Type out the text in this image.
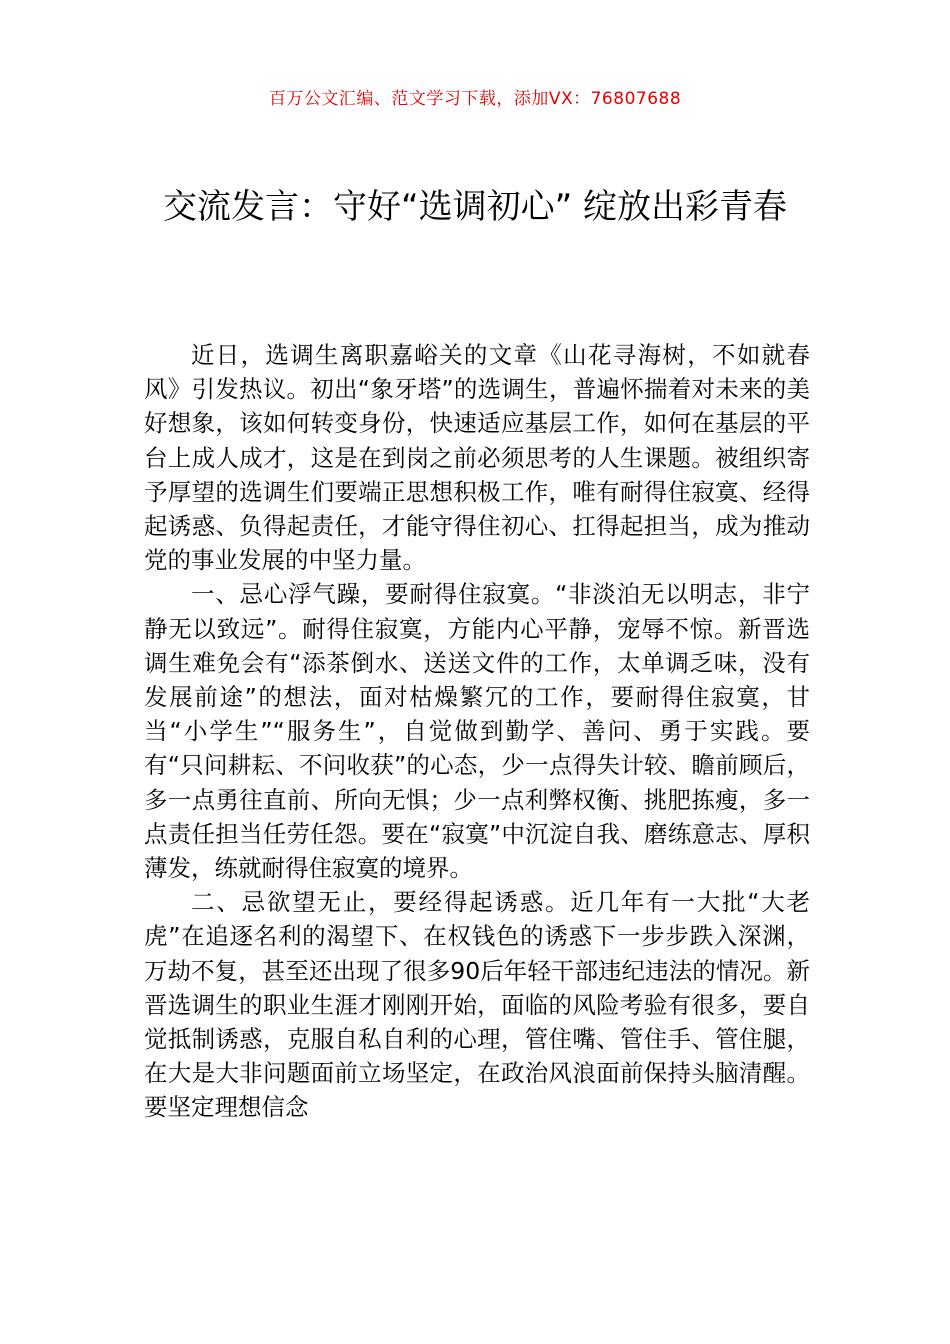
百万公文汇编、范文学习下载，添加VX：76807688
交流发言：守好“选调初心” 绽放出彩青春

近日，选调生离职嘉峪关的文章《山花寻海树，不如就春风》引发热议。初出“象牙塔”的选调生，普遍怀揣着对未来的美好想象，该如何转变身份，快速适应基层工作，如何在基层的平台上成人成才，这是在到岗之前必须思考的人生课题。被组织寄予厚望的选调生们要端正思想积极工作，唯有耐得住寂寞、经得起诱惑、负得起责任，才能守得住初心、扛得起担当，成为推动党的事业发展的中坚力量。

一、忌心浮气躁，要耐得住寂寞。“非淡泊无以明志，非宁静无以致远”。耐得住寂寞，方能内心平静，宠辱不惊。新晋选调生难免会有“添茶倒水、送送文件的工作，太单调乏味，没有发展前途”的想法，面对枯燥繁冗的工作，要耐得住寂寞，甘当“小学生”“服务生”，自觉做到勤学、善问、勇于实践。要有“只问耕耘、不问收获”的心态，少一点得失计较、瞻前顾后，多一点勇往直前、所向无惧；少一点利弊权衡、挑肥拣瘦，多一点责任担当任劳任怨。要在“寂寞”中沉淀自我、磨练意志、厚积薄发，练就耐得住寂寞的境界。

二、忌欲望无止，要经得起诱惑。近几年有一大批“大老虎”在追逐名利的渴望下、在权钱色的诱惑下一步步跌入深渊，万劫不复，甚至还出现了很多90后年轻干部违纪违法的情况。新晋选调生的职业生涯才刚刚开始，面临的风险考验有很多，要自觉抵制诱惑，克服自私自利的心理，管住嘴、管住手、管住腿，在大是大非问题面前立场坚定，在政治风浪面前保持头脑清醒。要坚定理想信念
